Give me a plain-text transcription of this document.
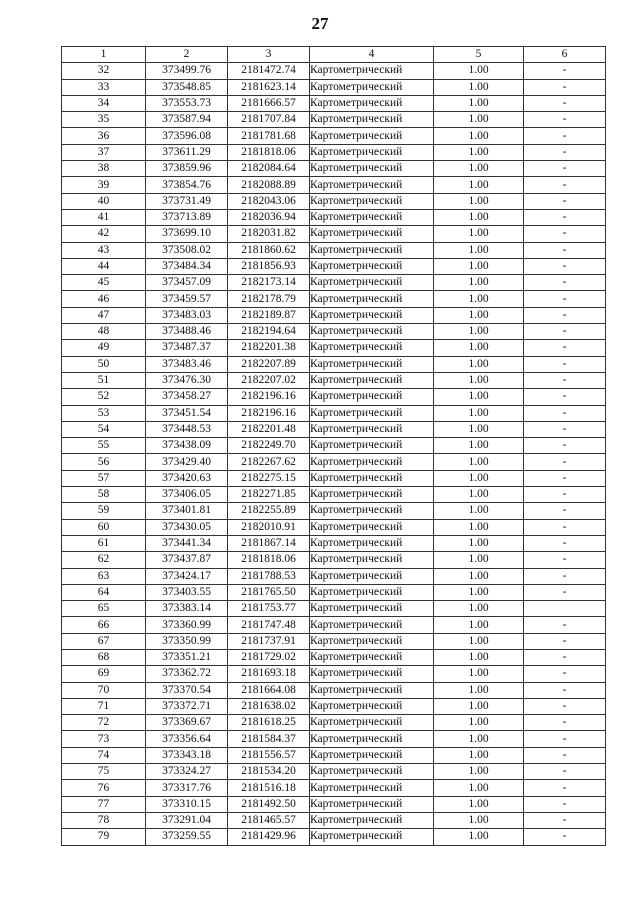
27
1	2	3	4	5	6
32	373499.76	2181472.74	Картометрический	1.00	-
33	373548.85	2181623.14	Картометрический	1.00	-
34	373553.73	2181666.57	Картометрический	1.00	-
35	373587.94	2181707.84	Картометрический	1.00	-
36	373596.08	2181781.68	Картометрический	1.00	-
37	373611.29	2181818.06	Картометрический	1.00	-
38	373859.96	2182084.64	Картометрический	1.00	-
39	373854.76	2182088.89	Картометрический	1.00	-
40	373731.49	2182043.06	Картометрический	1.00	-
41	373713.89	2182036.94	Картометрический	1.00	-
42	373699.10	2182031.82	Картометрический	1.00	-
43	373508.02	2181860.62	Картометрический	1.00	-
44	373484.34	2181856.93	Картометрический	1.00	-
45	373457.09	2182173.14	Картометрический	1.00	-
46	373459.57	2182178.79	Картометрический	1.00	-
47	373483.03	2182189.87	Картометрический	1.00	-
48	373488.46	2182194.64	Картометрический	1.00	-
49	373487.37	2182201.38	Картометрический	1.00	-
50	373483.46	2182207.89	Картометрический	1.00	-
51	373476.30	2182207.02	Картометрический	1.00	-
52	373458.27	2182196.16	Картометрический	1.00	-
53	373451.54	2182196.16	Картометрический	1.00	-
54	373448.53	2182201.48	Картометрический	1.00	-
55	373438.09	2182249.70	Картометрический	1.00	-
56	373429.40	2182267.62	Картометрический	1.00	-
57	373420.63	2182275.15	Картометрический	1.00	-
58	373406.05	2182271.85	Картометрический	1.00	-
59	373401.81	2182255.89	Картометрический	1.00	-
60	373430.05	2182010.91	Картометрический	1.00	-
61	373441.34	2181867.14	Картометрический	1.00	-
62	373437.87	2181818.06	Картометрический	1.00	-
63	373424.17	2181788.53	Картометрический	1.00	-
64	373403.55	2181765.50	Картометрический	1.00	-
65	373383.14	2181753.77	Картометрический	1.00	
66	373360.99	2181747.48	Картометрический	1.00	-
67	373350.99	2181737.91	Картометрический	1.00	-
68	373351.21	2181729.02	Картометрический	1.00	-
69	373362.72	2181693.18	Картометрический	1.00	-
70	373370.54	2181664.08	Картометрический	1.00	-
71	373372.71	2181638.02	Картометрический	1.00	-
72	373369.67	2181618.25	Картометрический	1.00	-
73	373356.64	2181584.37	Картометрический	1.00	-
74	373343.18	2181556.57	Картометрический	1.00	-
75	373324.27	2181534.20	Картометрический	1.00	-
76	373317.76	2181516.18	Картометрический	1.00	-
77	373310.15	2181492.50	Картометрический	1.00	-
78	373291.04	2181465.57	Картометрический	1.00	-
79	373259.55	2181429.96	Картометрический	1.00	-
